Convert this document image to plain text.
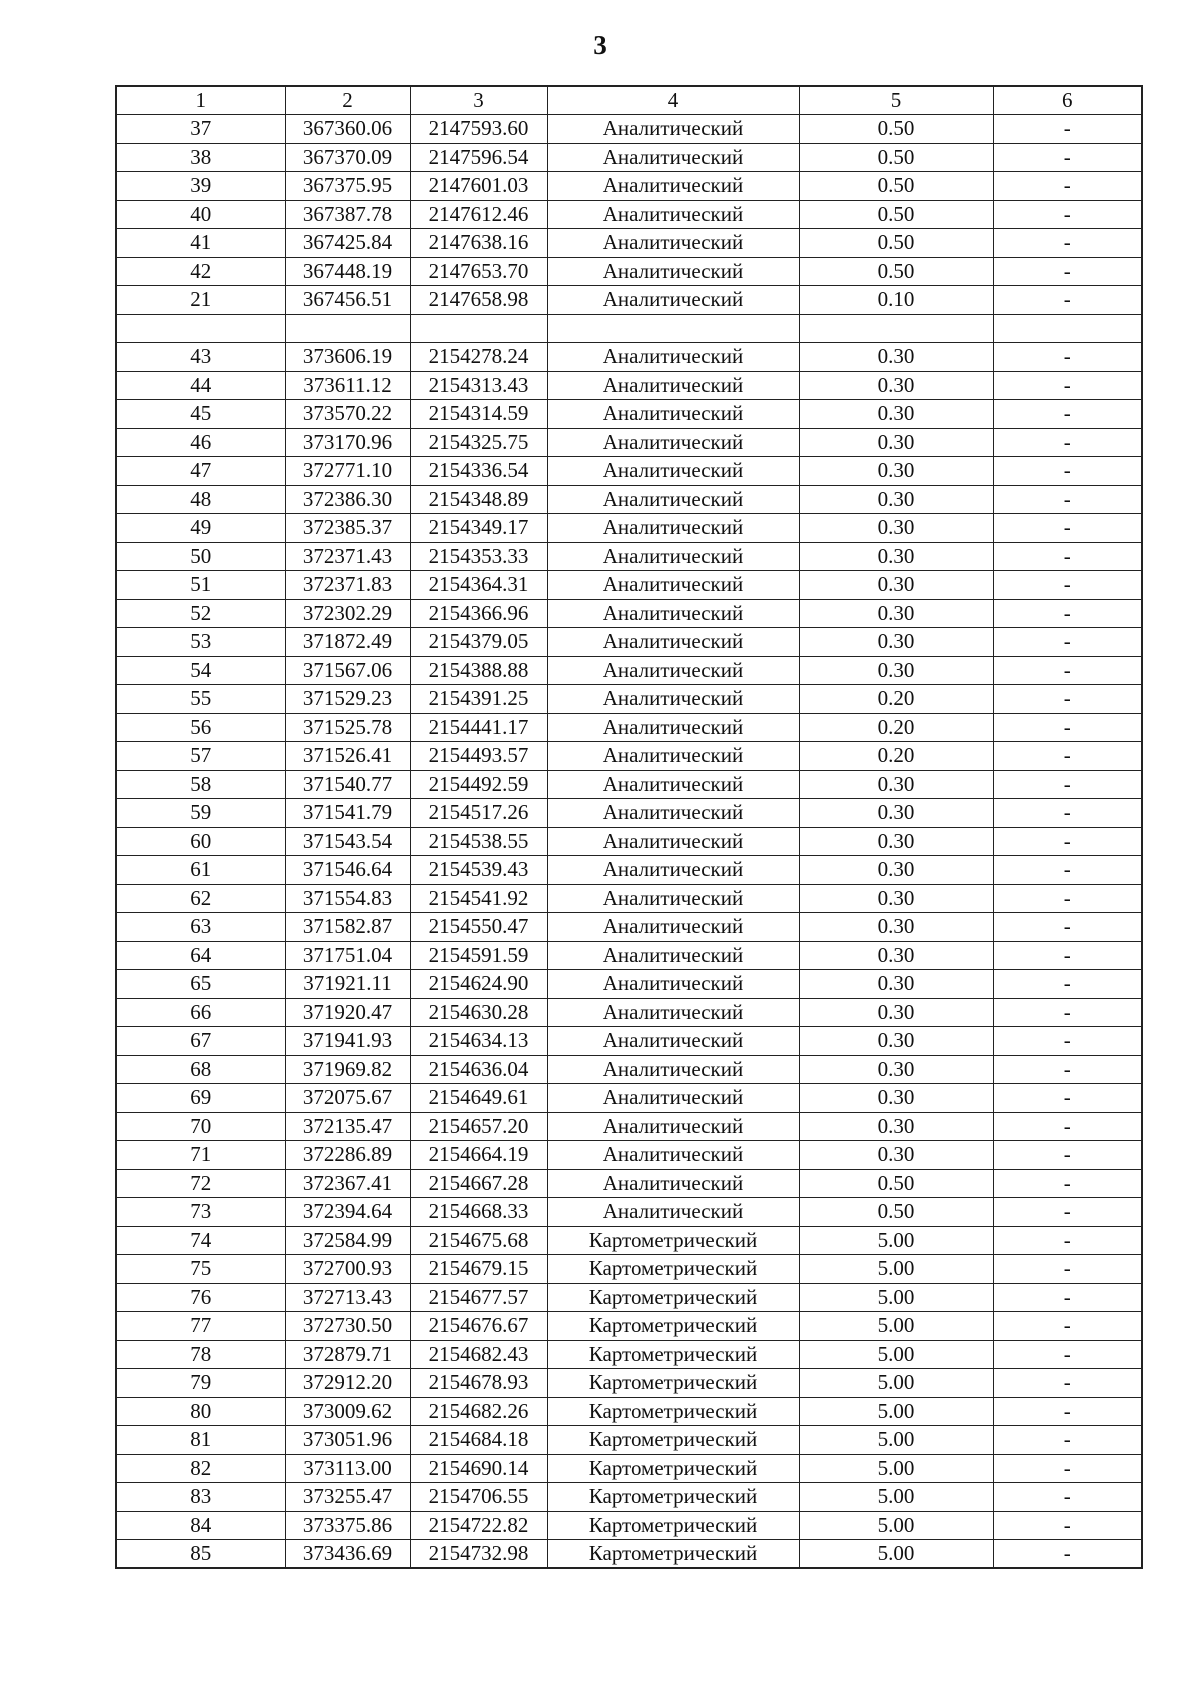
3
1	2	3	4	5	6
37	367360.06	2147593.60	Аналитический	0.50	-
38	367370.09	2147596.54	Аналитический	0.50	-
39	367375.95	2147601.03	Аналитический	0.50	-
40	367387.78	2147612.46	Аналитический	0.50	-
41	367425.84	2147638.16	Аналитический	0.50	-
42	367448.19	2147653.70	Аналитический	0.50	-
21	367456.51	2147658.98	Аналитический	0.10	-

43	373606.19	2154278.24	Аналитический	0.30	-
44	373611.12	2154313.43	Аналитический	0.30	-
45	373570.22	2154314.59	Аналитический	0.30	-
46	373170.96	2154325.75	Аналитический	0.30	-
47	372771.10	2154336.54	Аналитический	0.30	-
48	372386.30	2154348.89	Аналитический	0.30	-
49	372385.37	2154349.17	Аналитический	0.30	-
50	372371.43	2154353.33	Аналитический	0.30	-
51	372371.83	2154364.31	Аналитический	0.30	-
52	372302.29	2154366.96	Аналитический	0.30	-
53	371872.49	2154379.05	Аналитический	0.30	-
54	371567.06	2154388.88	Аналитический	0.30	-
55	371529.23	2154391.25	Аналитический	0.20	-
56	371525.78	2154441.17	Аналитический	0.20	-
57	371526.41	2154493.57	Аналитический	0.20	-
58	371540.77	2154492.59	Аналитический	0.30	-
59	371541.79	2154517.26	Аналитический	0.30	-
60	371543.54	2154538.55	Аналитический	0.30	-
61	371546.64	2154539.43	Аналитический	0.30	-
62	371554.83	2154541.92	Аналитический	0.30	-
63	371582.87	2154550.47	Аналитический	0.30	-
64	371751.04	2154591.59	Аналитический	0.30	-
65	371921.11	2154624.90	Аналитический	0.30	-
66	371920.47	2154630.28	Аналитический	0.30	-
67	371941.93	2154634.13	Аналитический	0.30	-
68	371969.82	2154636.04	Аналитический	0.30	-
69	372075.67	2154649.61	Аналитический	0.30	-
70	372135.47	2154657.20	Аналитический	0.30	-
71	372286.89	2154664.19	Аналитический	0.30	-
72	372367.41	2154667.28	Аналитический	0.50	-
73	372394.64	2154668.33	Аналитический	0.50	-
74	372584.99	2154675.68	Картометрический	5.00	-
75	372700.93	2154679.15	Картометрический	5.00	-
76	372713.43	2154677.57	Картометрический	5.00	-
77	372730.50	2154676.67	Картометрический	5.00	-
78	372879.71	2154682.43	Картометрический	5.00	-
79	372912.20	2154678.93	Картометрический	5.00	-
80	373009.62	2154682.26	Картометрический	5.00	-
81	373051.96	2154684.18	Картометрический	5.00	-
82	373113.00	2154690.14	Картометрический	5.00	-
83	373255.47	2154706.55	Картометрический	5.00	-
84	373375.86	2154722.82	Картометрический	5.00	-
85	373436.69	2154732.98	Картометрический	5.00	-
